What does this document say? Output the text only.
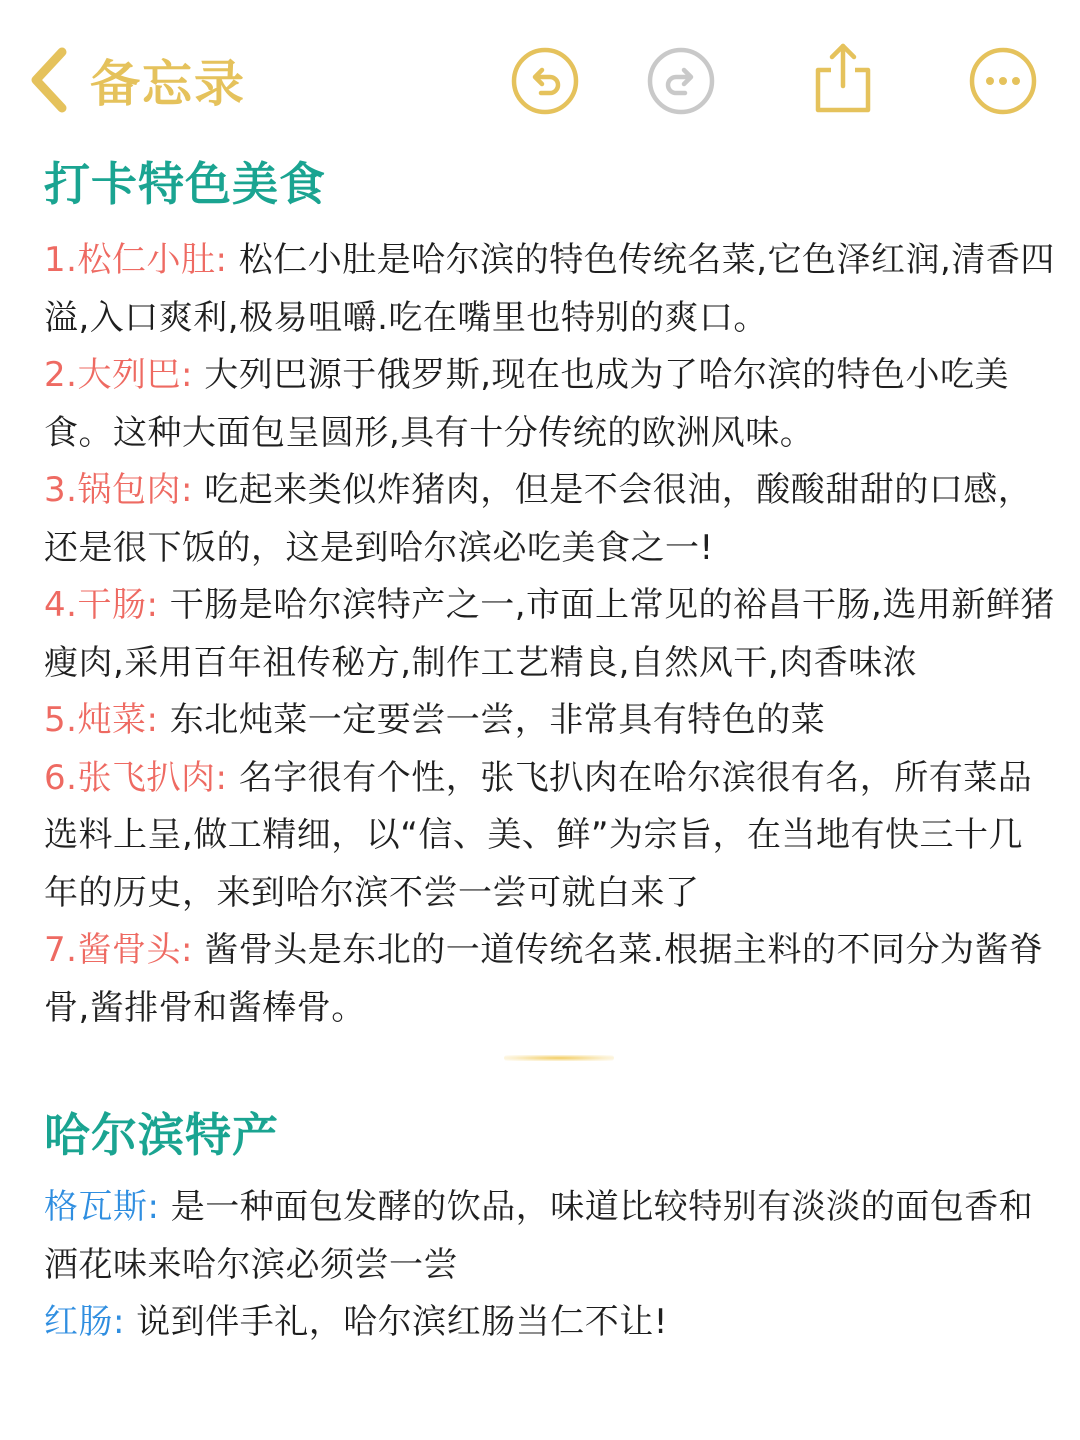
备忘录
打卡特色美食

1.松仁小肚: 松仁小肚是哈尔滨的特色传统名菜,它色泽红润,清香四溢,入口爽利,极易咀嚼.吃在嘴里也特别的爽口。

2.大列巴: 大列巴源于俄罗斯,现在也成为了哈尔滨的特色小吃美食。这种大面包呈圆形,具有十分传统的欧洲风味。

3.锅包肉: 吃起来类似炸猪肉，但是不会很油，酸酸甜甜的口感，还是很下饭的，这是到哈尔滨必吃美食之一!

4.干肠: 干肠是哈尔滨特产之一,市面上常见的裕昌干肠,选用新鲜猪瘦肉,采用百年祖传秘方,制作工艺精良,自然风干,肉香味浓

5.炖菜: 东北炖菜一定要尝一尝，非常具有特色的菜

6.张飞扒肉: 名字很有个性，张飞扒肉在哈尔滨很有名，所有菜品选料上呈,做工精细，以“信、美、鲜”为宗旨，在当地有快三十几年的历史，来到哈尔滨不尝一尝可就白来了

7.酱骨头: 酱骨头是东北的一道传统名菜.根据主料的不同分为酱脊骨,酱排骨和酱棒骨。

哈尔滨特产

格瓦斯: 是一种面包发酵的饮品，味道比较特别有淡淡的面包香和酒花味来哈尔滨必须尝一尝

红肠: 说到伴手礼，哈尔滨红肠当仁不让!
